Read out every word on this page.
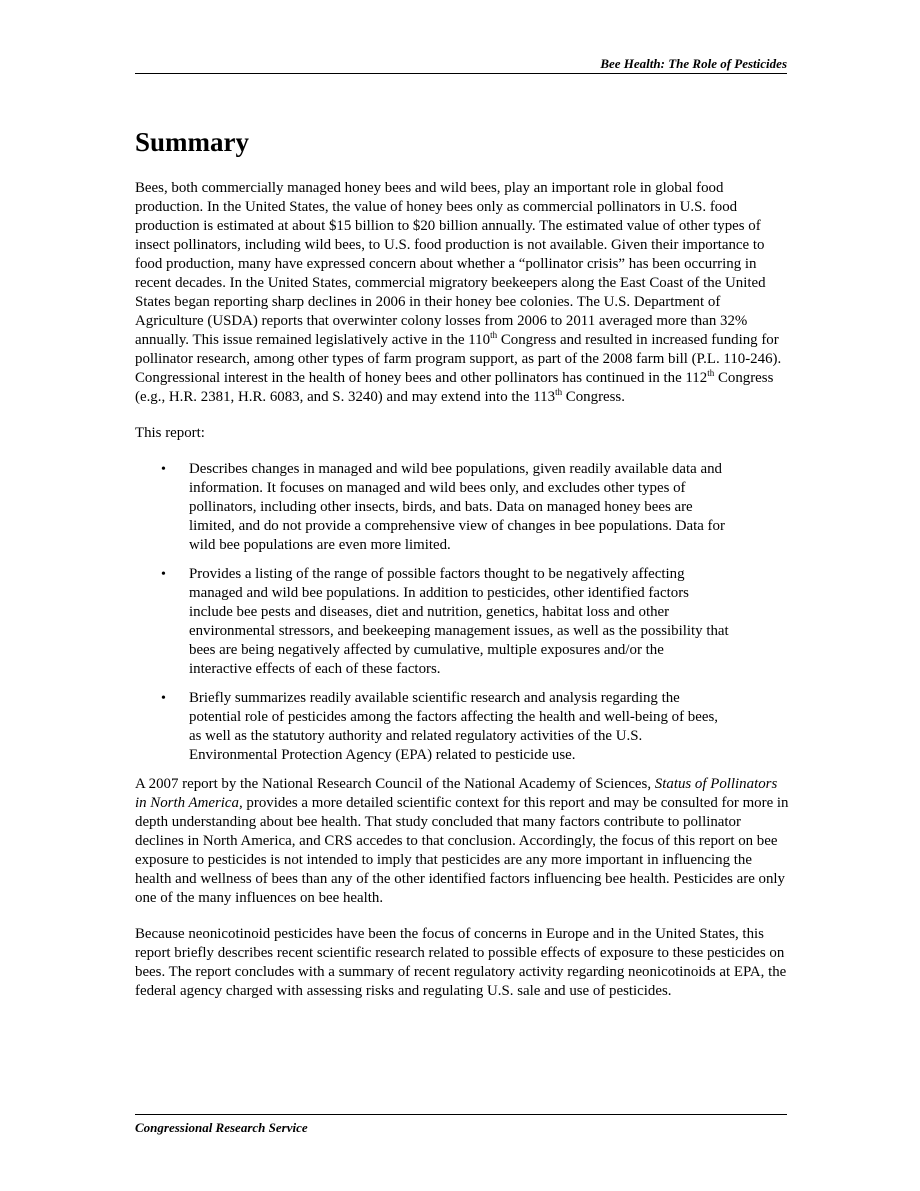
Bee Health: The Role of Pesticides
Summary

Bees, both commercially managed honey bees and wild bees, play an important role in global food production. In the United States, the value of honey bees only as commercial pollinators in U.S. food production is estimated at about $15 billion to $20 billion annually. The estimated value of other types of insect pollinators, including wild bees, to U.S. food production is not available. Given their importance to food production, many have expressed concern about whether a “pollinator crisis” has been occurring in recent decades. In the United States, commercial migratory beekeepers along the East Coast of the United States began reporting sharp declines in 2006 in their honey bee colonies. The U.S. Department of Agriculture (USDA) reports that overwinter colony losses from 2006 to 2011 averaged more than 32% annually. This issue remained legislatively active in the 110th Congress and resulted in increased funding for pollinator research, among other types of farm program support, as part of the 2008 farm bill (P.L. 110-246). Congressional interest in the health of honey bees and other pollinators has continued in the 112th Congress (e.g., H.R. 2381, H.R. 6083, and S. 3240) and may extend into the 113th Congress.

This report:

• Describes changes in managed and wild bee populations, given readily available data and information. It focuses on managed and wild bees only, and excludes other types of pollinators, including other insects, birds, and bats. Data on managed honey bees are limited, and do not provide a comprehensive view of changes in bee populations. Data for wild bee populations are even more limited.
• Provides a listing of the range of possible factors thought to be negatively affecting managed and wild bee populations. In addition to pesticides, other identified factors include bee pests and diseases, diet and nutrition, genetics, habitat loss and other environmental stressors, and beekeeping management issues, as well as the possibility that bees are being negatively affected by cumulative, multiple exposures and/or the interactive effects of each of these factors.
• Briefly summarizes readily available scientific research and analysis regarding the potential role of pesticides among the factors affecting the health and well-being of bees, as well as the statutory authority and related regulatory activities of the U.S. Environmental Protection Agency (EPA) related to pesticide use.

A 2007 report by the National Research Council of the National Academy of Sciences, Status of Pollinators in North America, provides a more detailed scientific context for this report and may be consulted for more in depth understanding about bee health. That study concluded that many factors contribute to pollinator declines in North America, and CRS accedes to that conclusion. Accordingly, the focus of this report on bee exposure to pesticides is not intended to imply that pesticides are any more important in influencing the health and wellness of bees than any of the other identified factors influencing bee health. Pesticides are only one of the many influences on bee health.

Because neonicotinoid pesticides have been the focus of concerns in Europe and in the United States, this report briefly describes recent scientific research related to possible effects of exposure to these pesticides on bees. The report concludes with a summary of recent regulatory activity regarding neonicotinoids at EPA, the federal agency charged with assessing risks and regulating U.S. sale and use of pesticides.

Congressional Research Service
